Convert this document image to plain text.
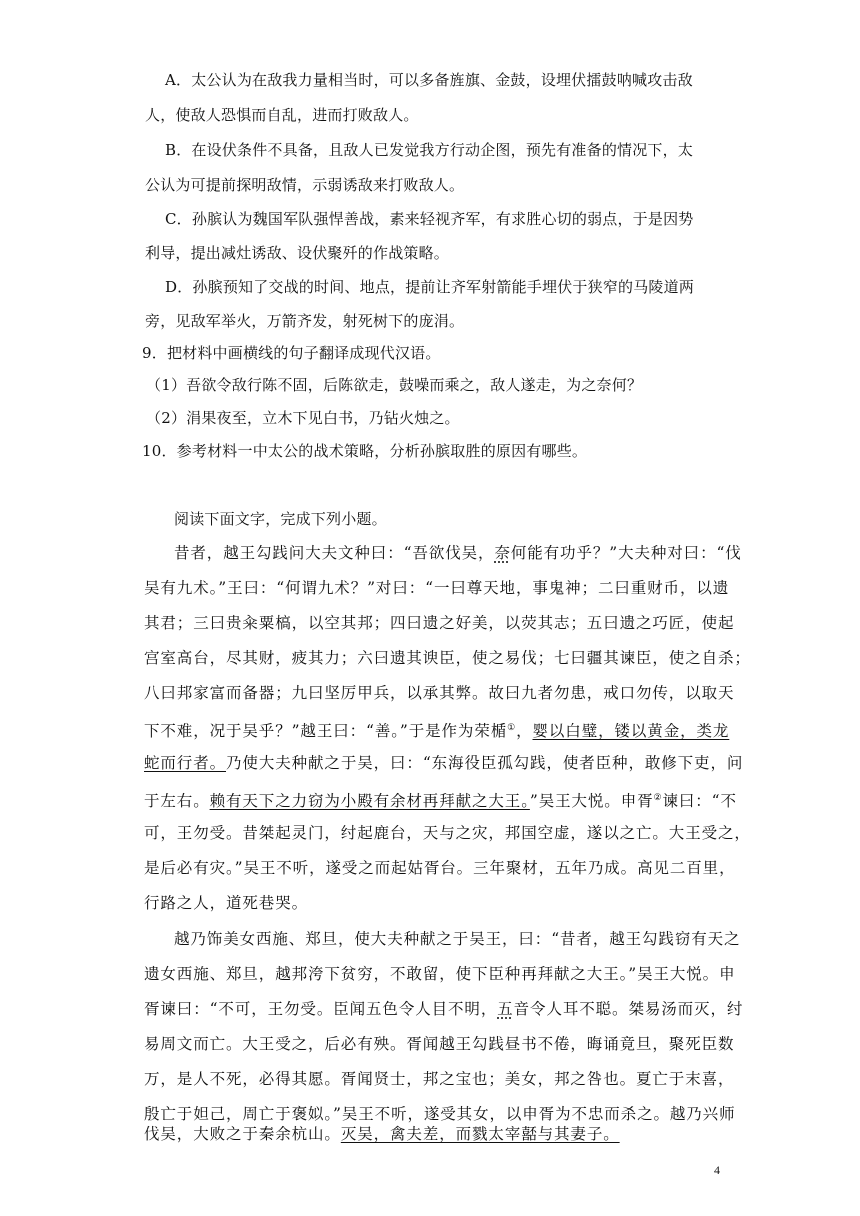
A．太公认为在敌我力量相当时，可以多备旌旗、金鼓，设埋伏擂鼓呐喊攻击敌
人，使敌人恐惧而自乱，进而打败敌人。
B．在设伏条件不具备，且敌人已发觉我方行动企图，预先有准备的情况下，太
公认为可提前探明敌情，示弱诱敌来打败敌人。
C．孙膑认为魏国军队强悍善战，素来轻视齐军，有求胜心切的弱点，于是因势
利导，提出减灶诱敌、设伏聚歼的作战策略。
D．孙膑预知了交战的时间、地点，提前让齐军射箭能手埋伏于狭窄的马陵道两
旁，见敌军举火，万箭齐发，射死树下的庞涓。
9．把材料中画横线的句子翻译成现代汉语。
（1）吾欲令敌行陈不固，后陈欲走，鼓噪而乘之，敌人遂走，为之奈何？
（2）涓果夜至，立木下见白书，乃钻火烛之。
10．参考材料一中太公的战术策略，分析孙膑取胜的原因有哪些。
阅读下面文字，完成下列小题。
昔者，越王勾践问大夫文种曰：“吾欲伐吴，奈何能有功乎？”大夫种对曰：“伐
吴有九术。”王曰：“何谓九术？”对曰：“一曰尊天地，事鬼神；二曰重财币，以遗
其君；三曰贵籴粟槁，以空其邦；四曰遗之好美，以荧其志；五曰遗之巧匠，使起
宫室高台，尽其财，疲其力；六曰遗其谀臣，使之易伐；七曰疆其谏臣，使之自杀；
八曰邦家富而备器；九曰坚厉甲兵，以承其弊。故曰九者勿患，戒口勿传，以取天
下不难，况于吴乎？”越王曰：“善。”于是作为荣楯①，婴以白璧，镂以黄金，类龙
蛇而行者。乃使大夫种献之于吴，曰：“东海役臣孤勾践，使者臣种，敢修下吏，问
于左右。赖有天下之力窃为小殿有余材再拜献之大王。”吴王大悦。申胥②谏曰：“不
可，王勿受。昔桀起灵门，纣起鹿台，天与之灾，邦国空虚，遂以之亡。大王受之，
是后必有灾。”吴王不听，遂受之而起姑胥台。三年聚材，五年乃成。高见二百里，
行路之人，道死巷哭。
越乃饰美女西施、郑旦，使大夫种献之于吴王，曰：“昔者，越王勾践窃有天之
遗女西施、郑旦，越邦洿下贫穷，不敢留，使下臣种再拜献之大王。”吴王大悦。申
胥谏曰：“不可，王勿受。臣闻五色令人目不明，五音令人耳不聪。桀易汤而灭，纣
易周文而亡。大王受之，后必有殃。胥闻越王勾践昼书不倦，晦诵竟旦，聚死臣数
万，是人不死，必得其愿。胥闻贤士，邦之宝也；美女，邦之咎也。夏亡于末喜，
殷亡于妲己，周亡于褒姒。”吴王不听，遂受其女，以申胥为不忠而杀之。越乃兴师
伐吴，大败之于秦余杭山。灭吴，禽夫差，而戮太宰嚭与其妻子。
4
